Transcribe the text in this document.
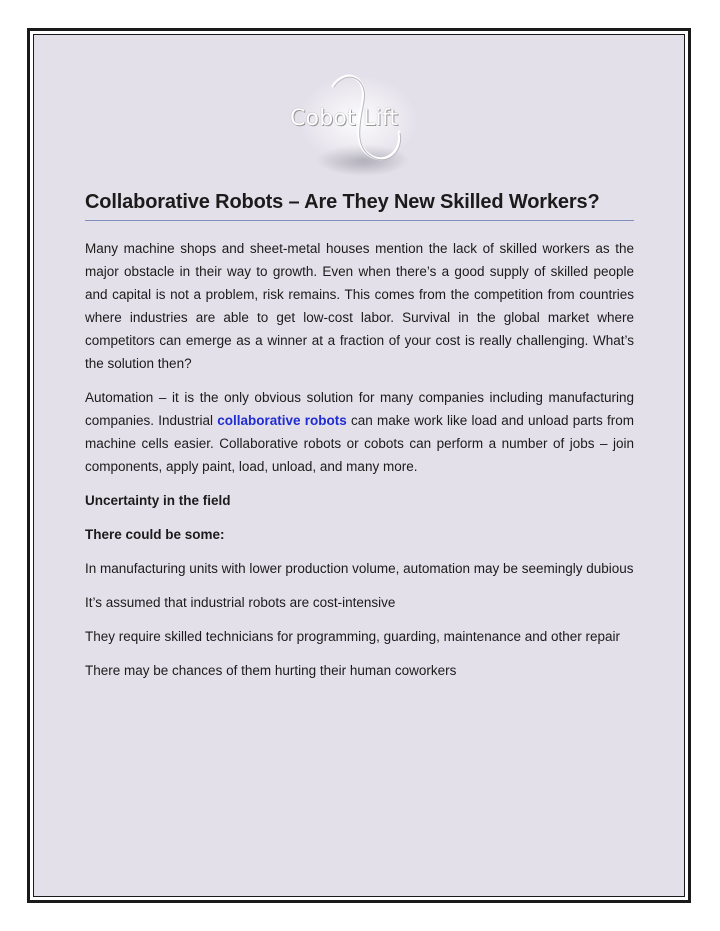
Cobot Lift
Collaborative Robots – Are They New Skilled Workers?

Many machine shops and sheet-metal houses mention the lack of skilled workers as the major obstacle in their way to growth. Even when there’s a good supply of skilled people and capital is not a problem, risk remains. This comes from the competition from countries where industries are able to get low-cost labor. Survival in the global market where competitors can emerge as a winner at a fraction of your cost is really challenging. What’s the solution then?

Automation – it is the only obvious solution for many companies including manufacturing companies. Industrial collaborative robots can make work like load and unload parts from machine cells easier. Collaborative robots or cobots can perform a number of jobs – join components, apply paint, load, unload, and many more.

Uncertainty in the field

There could be some:

In manufacturing units with lower production volume, automation may be seemingly dubious

It’s assumed that industrial robots are cost-intensive

They require skilled technicians for programming, guarding, maintenance and other repair

There may be chances of them hurting their human coworkers
